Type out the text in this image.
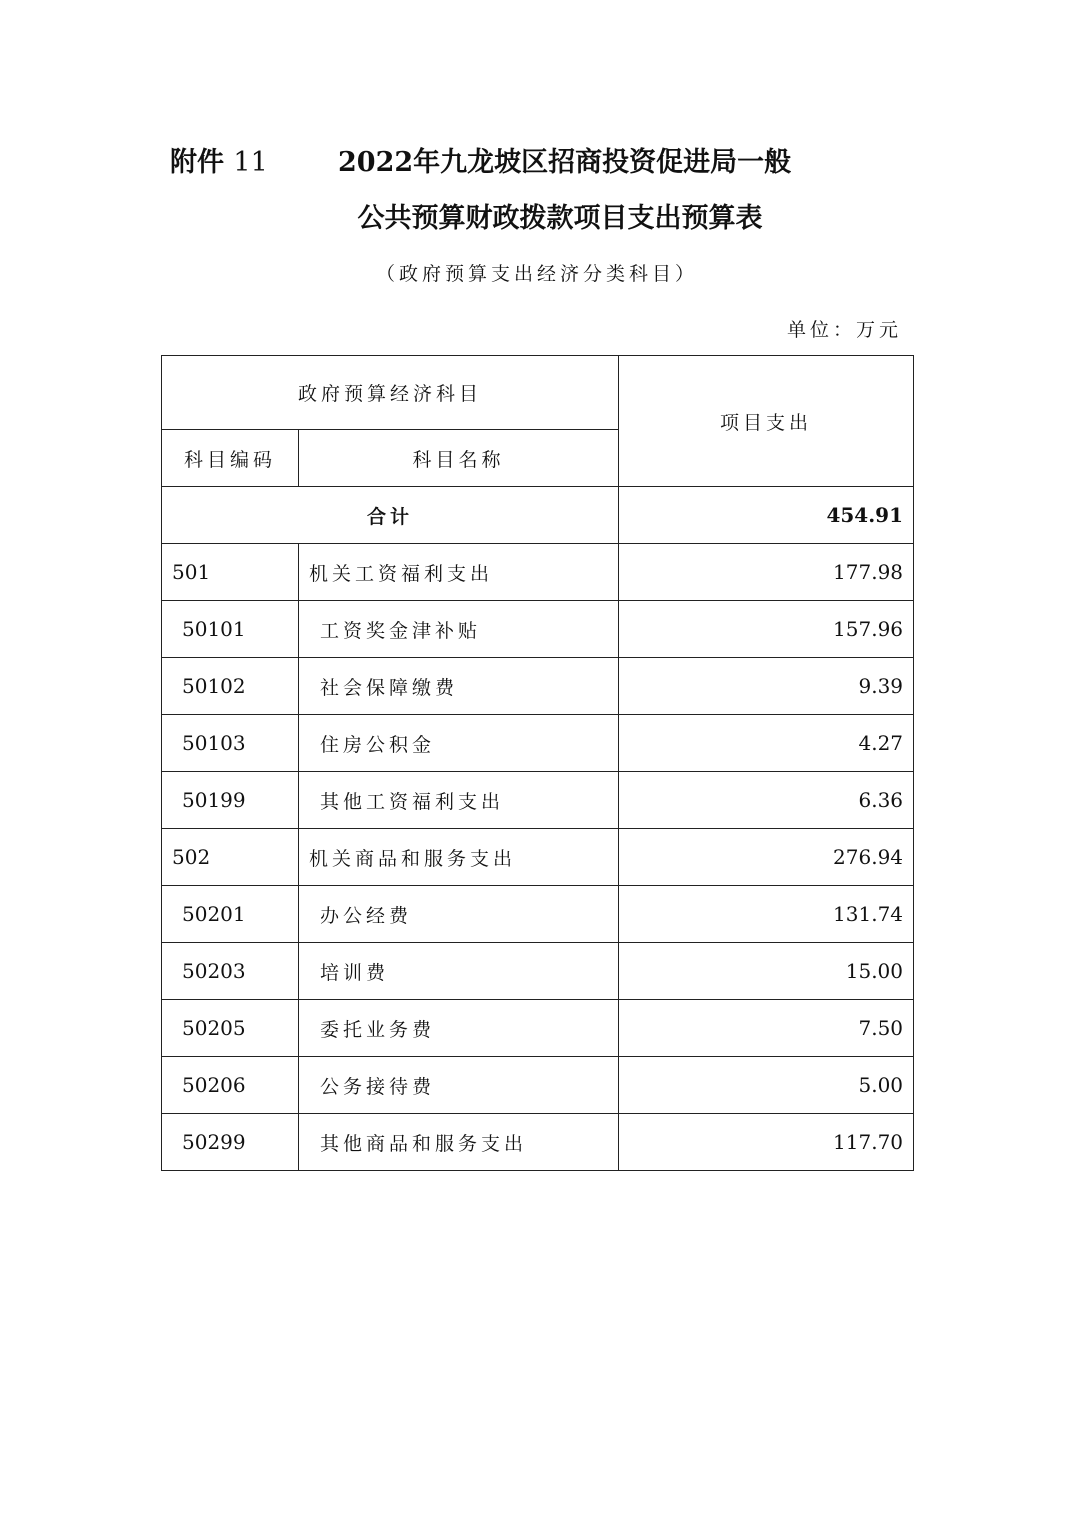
附件 11	2022年九龙坡区招商投资促进局一般
公共预算财政拨款项目支出预算表
（政府预算支出经济分类科目）
单位：万元
政府预算经济科目		项目支出
科目编码	科目名称	
合计		454.91
501	机关工资福利支出	177.98
50101	工资奖金津补贴	157.96
50102	社会保障缴费	9.39
50103	住房公积金	4.27
50199	其他工资福利支出	6.36
502	机关商品和服务支出	276.94
50201	办公经费	131.74
50203	培训费	15.00
50205	委托业务费	7.50
50206	公务接待费	5.00
50299	其他商品和服务支出	117.70
